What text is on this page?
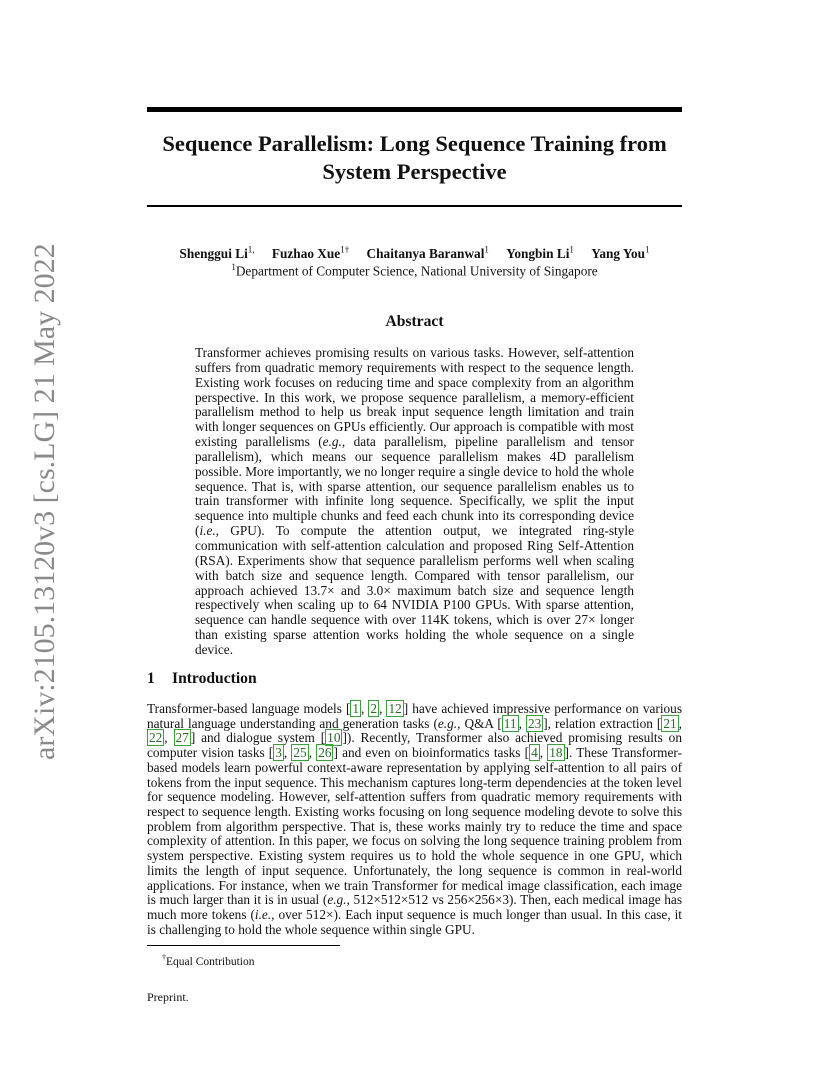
arXiv:2105.13120v3 [cs.LG] 21 May 2022
Sequence Parallelism: Long Sequence Training from
System Perspective
Shenggui $Li^{1,}$ Fuzhao Xue$^{1\dagger}$ Chaitanya Baranwal$^1$ Yongbin Li$^1$ Yang You$^1$
$^1$Department of Computer Science, National University of Singapore
Abstract
Transformer achieves promising results on various tasks. However, self-attention suffers from quadratic memory requirements with respect to the sequence length. Existing work focuses on reducing time and space complexity from an algorithm perspective. In this work, we propose sequence parallelism, a memory-efficient parallelism method to help us break input sequence length limitation and train with longer sequences on GPUs efficiently. Our approach is compatible with most existing parallelisms (e.g., data parallelism, pipeline parallelism and tensor parallelism), which means our sequence parallelism makes 4D parallelism possible. More importantly, we no longer require a single device to hold the whole sequence. That is, with sparse attention, our sequence parallelism enables us to train transformer with infinite long sequence. Specifically, we split the input sequence into multiple chunks and feed each chunk into its corresponding device (i.e., GPU). To compute the attention output, we integrated ring-style communication with self-attention calculation and proposed Ring Self-Attention (RSA). Experiments show that sequence parallelism performs well when scaling with batch size and sequence length. Compared with tensor parallelism, our approach achieved 13.7× and 3.0× maximum batch size and sequence length respectively when scaling up to 64 NVIDIA P100 GPUs. With sparse attention, sequence can handle sequence with over 114K tokens, which is over 27× longer than existing sparse attention works holding the whole sequence on a single device.
1 Introduction
Transformer-based language models [ 1 , 2 , 12 ] have achieved impressive performance on various natural language understanding and generation tasks (e.g., Q&A [ 11 , 23 ], relation extraction [ 21 , 22 , 27 ] and dialogue system [ 10 ]). Recently, Transformer also achieved promising results on computer vision tasks [ 3 , 25 , 26 ] and even on bioinformatics tasks [ 4 , 18 ]. These Transformer-based models learn powerful context-aware representation by applying self-attention to all pairs of tokens from the input sequence. This mechanism captures long-term dependencies at the token level for sequence modeling. However, self-attention suffers from quadratic memory requirements with respect to sequence length. Existing works focusing on long sequence modeling devote to solve this problem from algorithm perspective. That is, these works mainly try to reduce the time and space complexity of attention. In this paper, we focus on solving the long sequence training problem from system perspective. Existing system requires us to hold the whole sequence in one GPU, which limits the length of input sequence. Unfortunately, the long sequence is common in real-world applications. For instance, when we train Transformer for medical image classification, each image is much larger than it is in usual (e.g., 512×512×512 vs 256×256×3). Then, each medical image has much more tokens (i.e., over 512×). Each input sequence is much longer than usual. In this case, it is challenging to hold the whole sequence within single GPU.
†Equal Contribution
Preprint.
